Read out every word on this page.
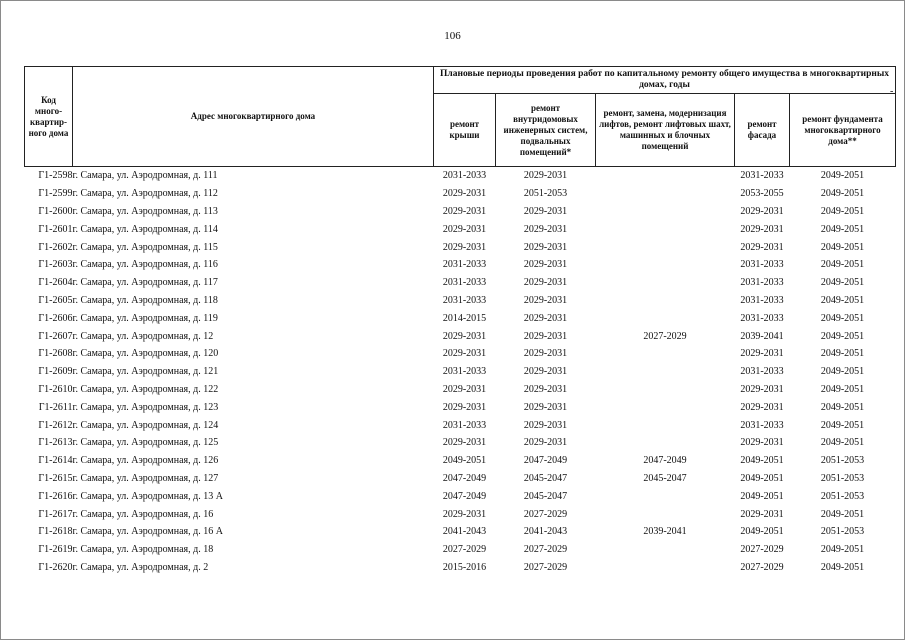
106
-
Код много-квартир-ного дома	Адрес многоквартирного дома	Плановые периоды проведения работ по капитальному ремонту общего имущества в многоквартирных домах, годы				
		ремонт крыши	ремонт внутридомовых инженерных систем, подвальных помещений*	ремонт, замена, модернизация лифтов, ремонт лифтовых шахт, машинных и блочных помещений	ремонт фасада	ремонт фундамента многоквартирного дома**
Г1-2598	г. Самара, ул. Аэродромная, д. 111	2031-2033	2029-2031		2031-2033	2049-2051
Г1-2599	г. Самара, ул. Аэродромная, д. 112	2029-2031	2051-2053		2053-2055	2049-2051
Г1-2600	г. Самара, ул. Аэродромная, д. 113	2029-2031	2029-2031		2029-2031	2049-2051
Г1-2601	г. Самара, ул. Аэродромная, д. 114	2029-2031	2029-2031		2029-2031	2049-2051
Г1-2602	г. Самара, ул. Аэродромная, д. 115	2029-2031	2029-2031		2029-2031	2049-2051
Г1-2603	г. Самара, ул. Аэродромная, д. 116	2031-2033	2029-2031		2031-2033	2049-2051
Г1-2604	г. Самара, ул. Аэродромная, д. 117	2031-2033	2029-2031		2031-2033	2049-2051
Г1-2605	г. Самара, ул. Аэродромная, д. 118	2031-2033	2029-2031		2031-2033	2049-2051
Г1-2606	г. Самара, ул. Аэродромная, д. 119	2014-2015	2029-2031		2031-2033	2049-2051
Г1-2607	г. Самара, ул. Аэродромная, д. 12	2029-2031	2029-2031	2027-2029	2039-2041	2049-2051
Г1-2608	г. Самара, ул. Аэродромная, д. 120	2029-2031	2029-2031		2029-2031	2049-2051
Г1-2609	г. Самара, ул. Аэродромная, д. 121	2031-2033	2029-2031		2031-2033	2049-2051
Г1-2610	г. Самара, ул. Аэродромная, д. 122	2029-2031	2029-2031		2029-2031	2049-2051
Г1-2611	г. Самара, ул. Аэродромная, д. 123	2029-2031	2029-2031		2029-2031	2049-2051
Г1-2612	г. Самара, ул. Аэродромная, д. 124	2031-2033	2029-2031		2031-2033	2049-2051
Г1-2613	г. Самара, ул. Аэродромная, д. 125	2029-2031	2029-2031		2029-2031	2049-2051
Г1-2614	г. Самара, ул. Аэродромная, д. 126	2049-2051	2047-2049	2047-2049	2049-2051	2051-2053
Г1-2615	г. Самара, ул. Аэродромная, д. 127	2047-2049	2045-2047	2045-2047	2049-2051	2051-2053
Г1-2616	г. Самара, ул. Аэродромная, д. 13 А	2047-2049	2045-2047		2049-2051	2051-2053
Г1-2617	г. Самара, ул. Аэродромная, д. 16	2029-2031	2027-2029		2029-2031	2049-2051
Г1-2618	г. Самара, ул. Аэродромная, д. 16 А	2041-2043	2041-2043	2039-2041	2049-2051	2051-2053
Г1-2619	г. Самара, ул. Аэродромная, д. 18	2027-2029	2027-2029		2027-2029	2049-2051
Г1-2620	г. Самара, ул. Аэродромная, д. 2	2015-2016	2027-2029		2027-2029	2049-2051
